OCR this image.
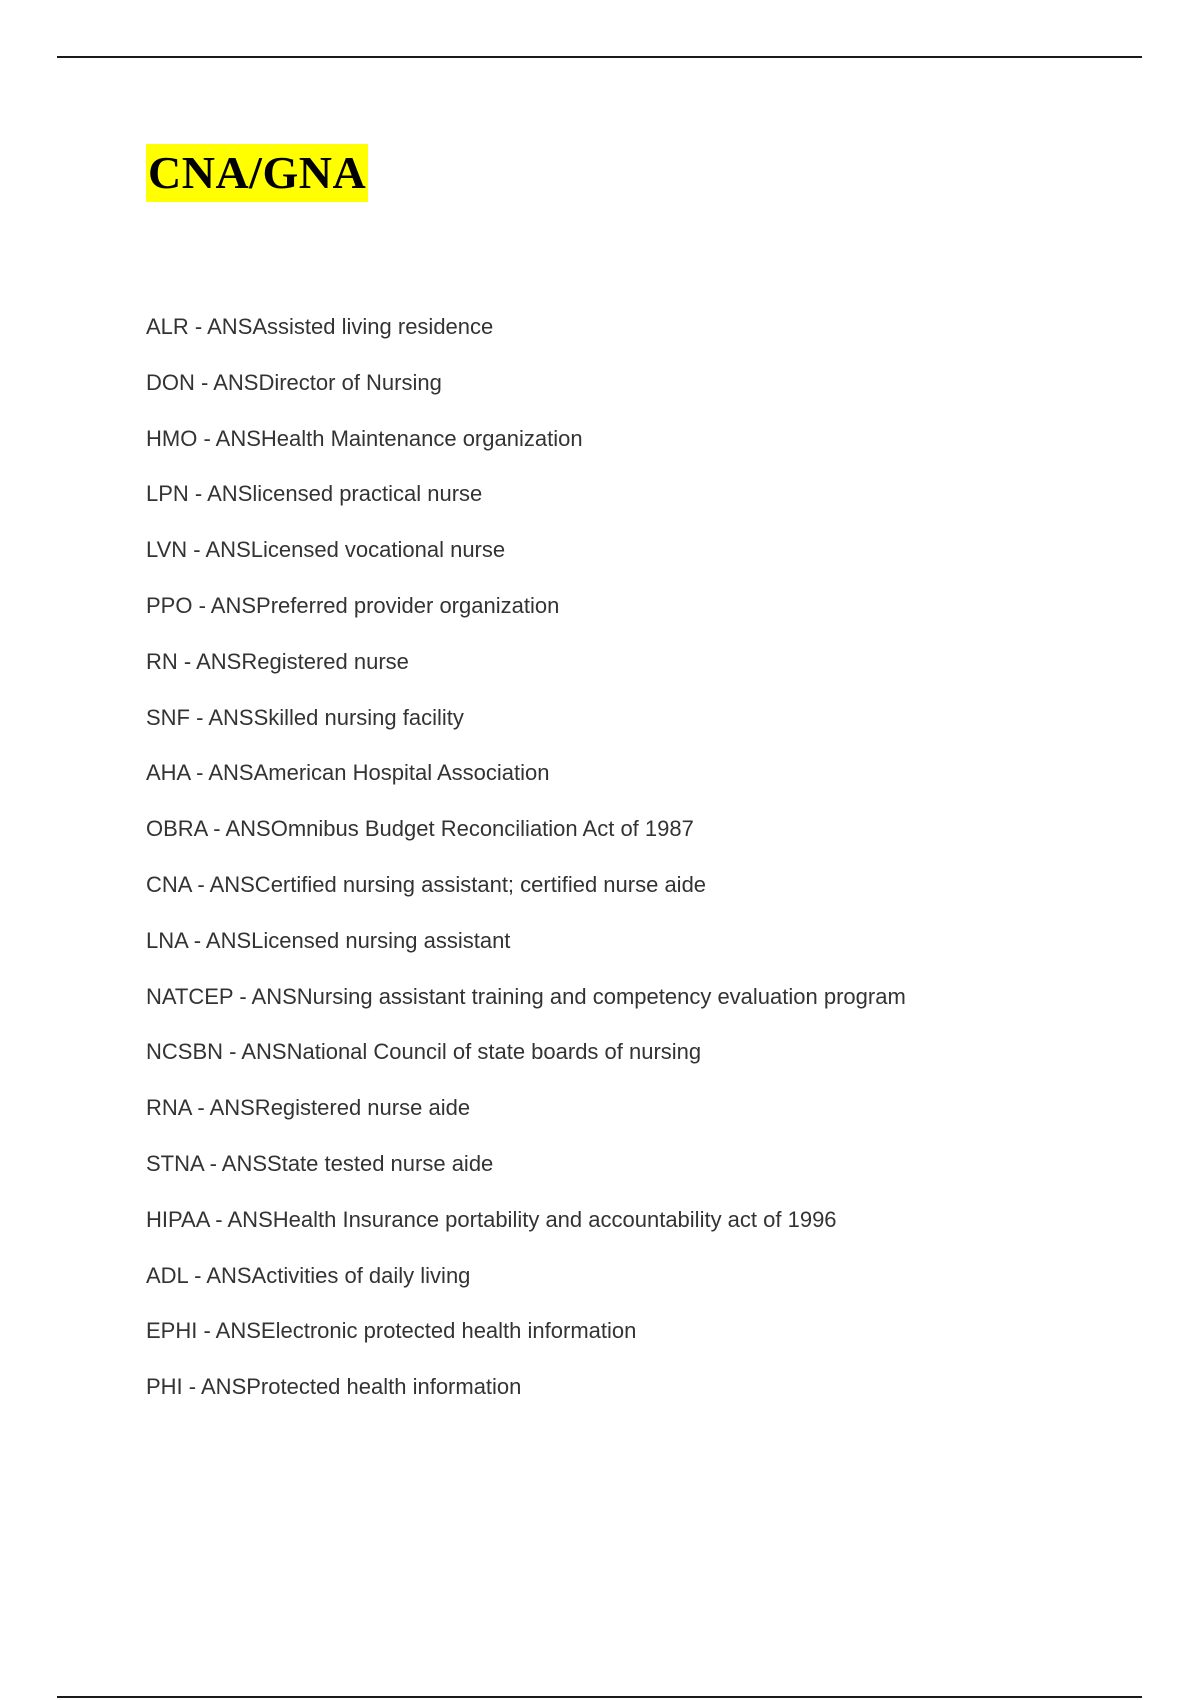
CNA/GNA
ALR - ANSAssisted living residence
DON - ANSDirector of Nursing
HMO - ANSHealth Maintenance organization
LPN - ANSlicensed practical nurse
LVN - ANSLicensed vocational nurse
PPO - ANSPreferred provider organization
RN - ANSRegistered nurse
SNF - ANSSkilled nursing facility
AHA - ANSAmerican Hospital Association
OBRA - ANSOmnibus Budget Reconciliation Act of 1987
CNA - ANSCertified nursing assistant; certified nurse aide
LNA - ANSLicensed nursing assistant
NATCEP - ANSNursing assistant training and competency evaluation program
NCSBN - ANSNational Council of state boards of nursing
RNA - ANSRegistered nurse aide
STNA - ANSState tested nurse aide
HIPAA - ANSHealth Insurance portability and accountability act of 1996
ADL - ANSActivities of daily living
EPHI - ANSElectronic protected health information
PHI - ANSProtected health information
